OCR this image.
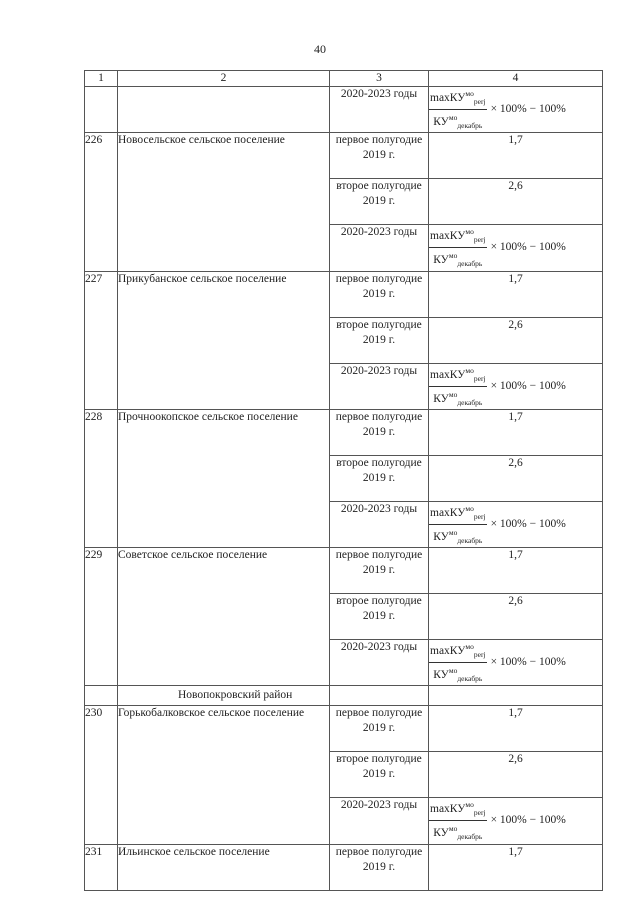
40
1	2	3	4
		2020-2023 годы	$\frac{\max КУ^{мо}_{perj}}{КУ^{мо}_{декабрь}} \times 100\% - 100\%$

226	Новосельское сельское поселение	первое полугодие 2019 г.	1,7
		второе полугодие 2019 г.	2,6
		2020-2023 годы	$\frac{\max КУ^{мо}_{perj}}{КУ^{мо}_{декабрь}} \times 100\% - 100\%$

227	Прикубанское сельское поселение	первое полугодие 2019 г.	1,7
		второе полугодие 2019 г.	2,6
		2020-2023 годы	$\frac{\max КУ^{мо}_{perj}}{КУ^{мо}_{декабрь}} \times 100\% - 100\%$

228	Прочноокопское сельское поселение	первое полугодие 2019 г.	1,7
		второе полугодие 2019 г.	2,6
		2020-2023 годы	$\frac{\max КУ^{мо}_{perj}}{КУ^{мо}_{декабрь}} \times 100\% - 100\%$

229	Советское сельское поселение	первое полугодие 2019 г.	1,7
		второе полугодие 2019 г.	2,6
		2020-2023 годы	$\frac{\max КУ^{мо}_{perj}}{КУ^{мо}_{декабрь}} \times 100\% - 100\%$

	Новопокровский район		
230	Горькобалковское сельское поселение	первое полугодие 2019 г.	1,7
		второе полугодие 2019 г.	2,6
		2020-2023 годы	$\frac{\max КУ^{мо}_{perj}}{КУ^{мо}_{декабрь}} \times 100\% - 100\%$

231	Ильинское сельское поселение	первое полугодие 2019 г.	1,7
